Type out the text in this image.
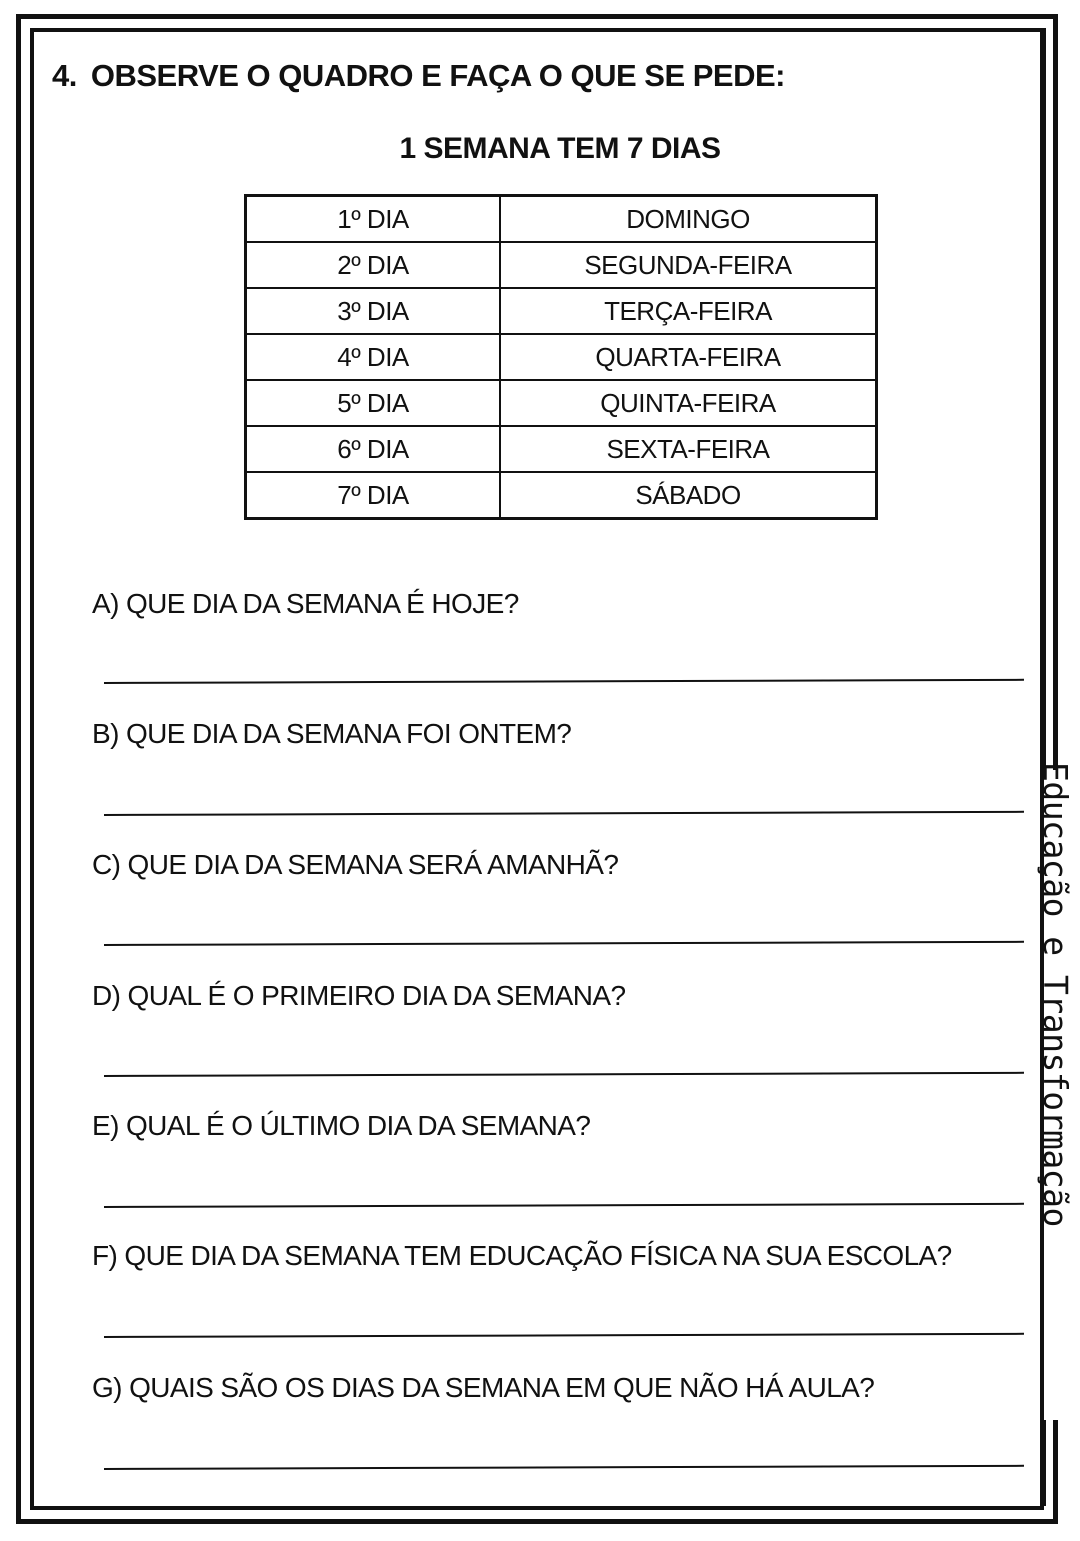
4. OBSERVE O QUADRO E FAÇA O QUE SE PEDE:
1 SEMANA TEM 7 DIAS
1º DIA	DOMINGO
2º DIA	SEGUNDA-FEIRA
3º DIA	TERÇA-FEIRA
4º DIA	QUARTA-FEIRA
5º DIA	QUINTA-FEIRA
6º DIA	SEXTA-FEIRA
7º DIA	SÁBADO
A) QUE DIA DA SEMANA É HOJE?
B) QUE DIA DA SEMANA FOI ONTEM?
C) QUE DIA DA SEMANA SERÁ AMANHÃ?
D) QUAL É O PRIMEIRO DIA DA SEMANA?
E) QUAL É O ÚLTIMO DIA DA SEMANA?
F) QUE DIA DA SEMANA TEM EDUCAÇÃO FÍSICA NA SUA ESCOLA?
G) QUAIS SÃO OS DIAS DA SEMANA EM QUE NÃO HÁ AULA?
Educação e Transformação
